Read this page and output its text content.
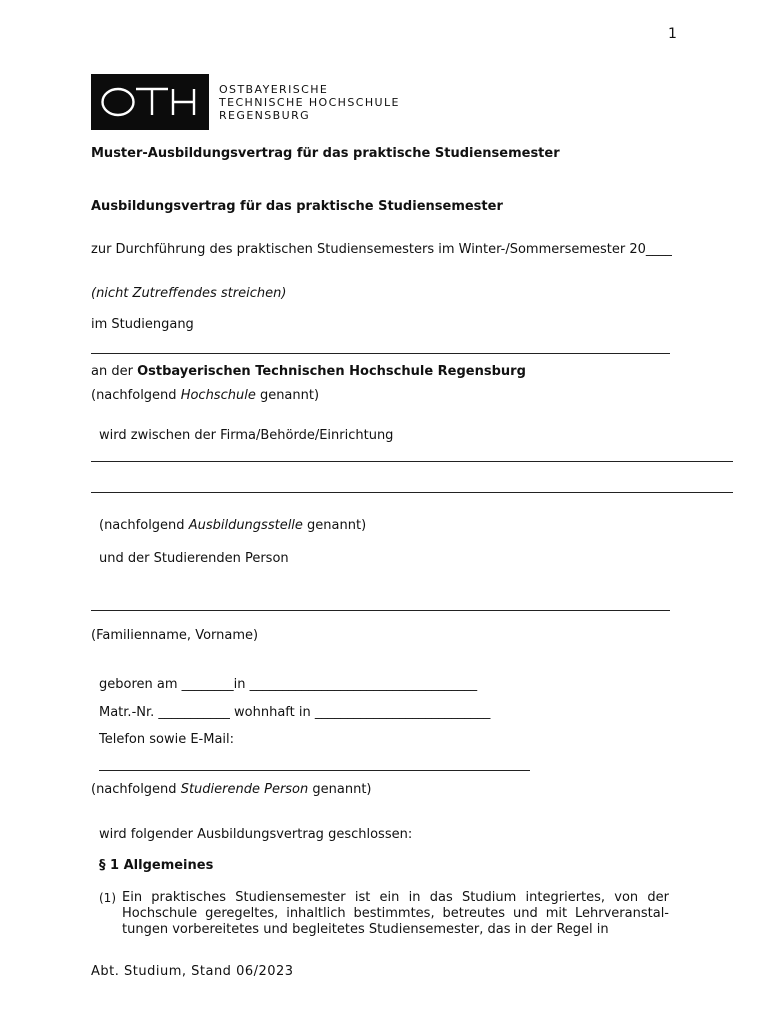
1
OSTBAYERISCHE
TECHNISCHE HOCHSCHULE
REGENSBURG
Muster-Ausbildungsvertrag für das praktische Studiensemester
Ausbildungsvertrag für das praktische Studiensemester
zur Durchführung des praktischen Studiensemesters im Winter-/Sommersemester 20____
(nicht Zutreffendes streichen)
im Studiengang
an der Ostbayerischen Technischen Hochschule Regensburg
(nachfolgend Hochschule genannt)
wird zwischen der Firma/Behörde/Einrichtung
(nachfolgend Ausbildungsstelle genannt)
und der Studierenden Person
(Familienname, Vorname)
geboren am ________in ___________________________________
Matr.-Nr. ___________ wohnhaft in ___________________________
Telefon sowie E-Mail:
(nachfolgend Studierende Person genannt)
wird folgender Ausbildungsvertrag geschlossen:
§ 1 Allgemeines
(1) Ein praktisches Studiensemester ist ein in das Studium integriertes, von der Hochschule geregeltes, inhaltlich bestimmtes, betreutes und mit Lehrveranstal-tungen vorbereitetes und begleitetes Studiensemester, das in der Regel in
Abt. Studium, Stand 06/2023
